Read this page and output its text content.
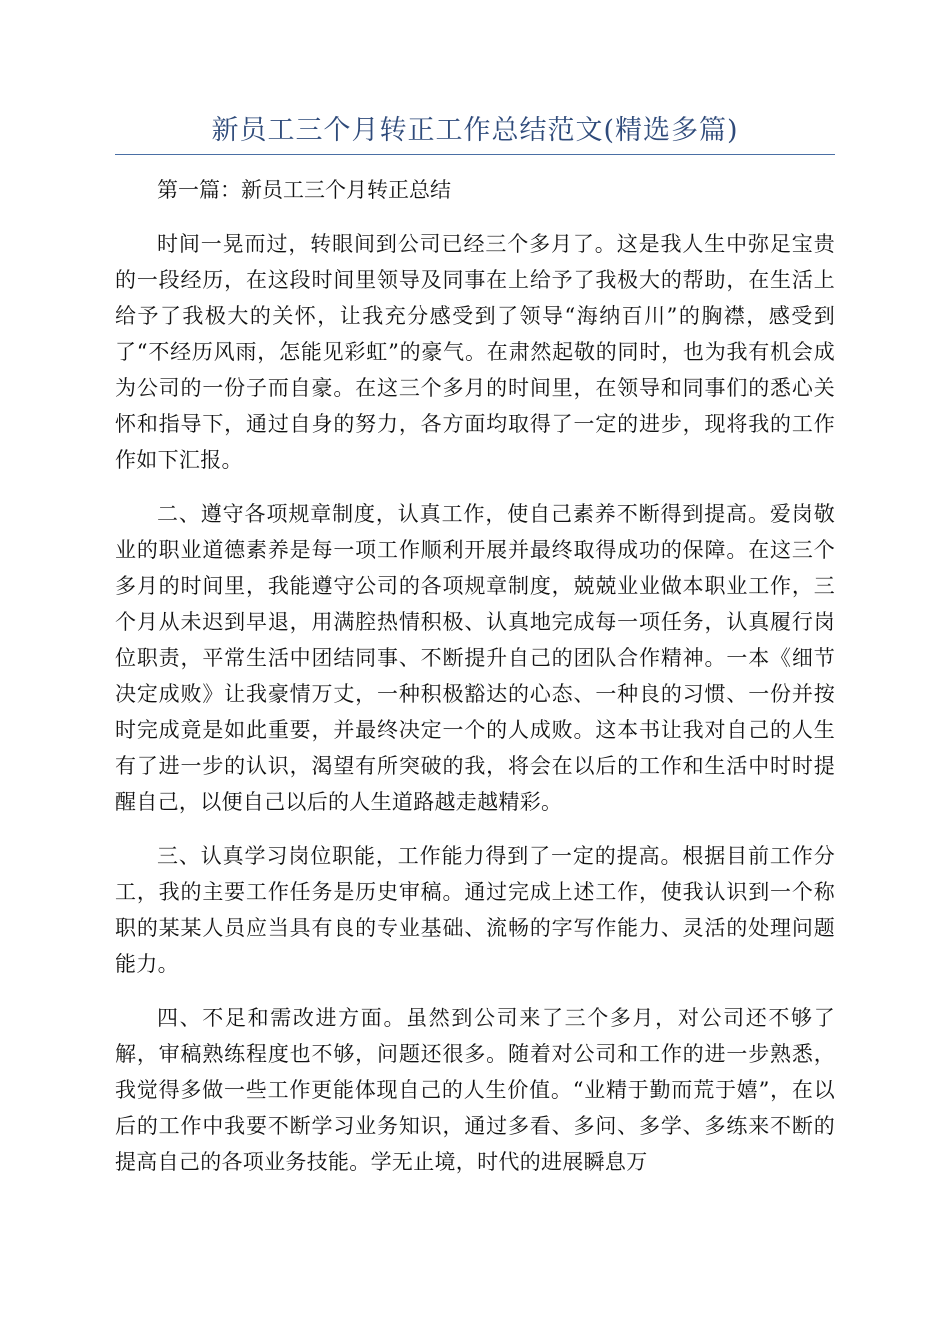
新员工三个月转正工作总结范文(精选多篇)

第一篇：新员工三个月转正总结

时间一晃而过，转眼间到公司已经三个多月了。这是我人生中弥足宝贵的一段经历，在这段时间里领导及同事在上给予了我极大的帮助，在生活上给予了我极大的关怀，让我充分感受到了领导“海纳百川”的胸襟，感受到了“不经历风雨，怎能见彩虹”的豪气。在肃然起敬的同时，也为我有机会成为公司的一份子而自豪。在这三个多月的时间里，在领导和同事们的悉心关怀和指导下，通过自身的努力，各方面均取得了一定的进步，现将我的工作作如下汇报。

二、遵守各项规章制度，认真工作，使自己素养不断得到提高。爱岗敬业的职业道德素养是每一项工作顺利开展并最终取得成功的保障。在这三个多月的时间里，我能遵守公司的各项规章制度，兢兢业业做本职业工作，三个月从未迟到早退，用满腔热情积极、认真地完成每一项任务，认真履行岗位职责，平常生活中团结同事、不断提升自己的团队合作精神。一本《细节决定成败》让我豪情万丈，一种积极豁达的心态、一种良的习惯、一份并按时完成竟是如此重要，并最终决定一个的人成败。这本书让我对自己的人生有了进一步的认识，渴望有所突破的我，将会在以后的工作和生活中时时提醒自己，以便自己以后的人生道路越走越精彩。

三、认真学习岗位职能，工作能力得到了一定的提高。根据目前工作分工，我的主要工作任务是历史审稿。通过完成上述工作，使我认识到一个称职的某某人员应当具有良的专业基础、流畅的字写作能力、灵活的处理问题能力。

四、不足和需改进方面。虽然到公司来了三个多月，对公司还不够了解，审稿熟练程度也不够，问题还很多。随着对公司和工作的进一步熟悉，我觉得多做一些工作更能体现自己的人生价值。“业精于勤而荒于嬉”，在以后的工作中我要不断学习业务知识，通过多看、多问、多学、多练来不断的提高自己的各项业务技能。学无止境，时代的进展瞬息万
